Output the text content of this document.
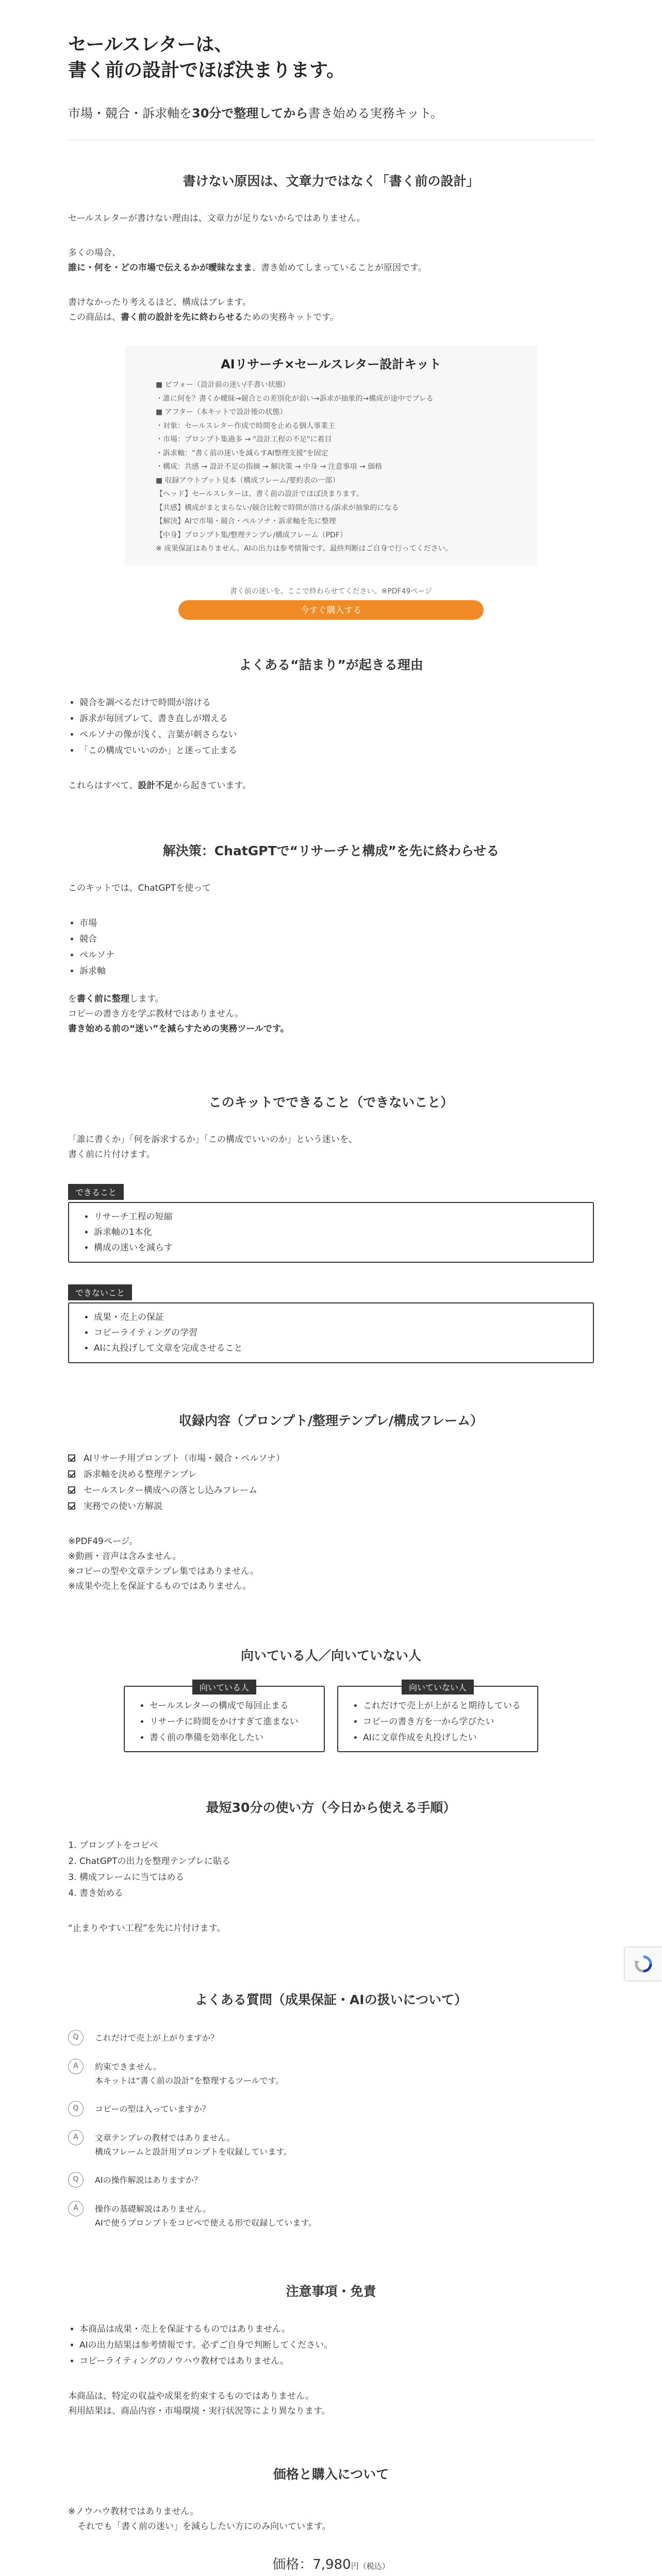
セールスレターは、
書く前の設計でほぼ決まります。

市場・競合・訴求軸を30分で整理してから書き始める実務キット。

書けない原因は、文章力ではなく「書く前の設計」

セールスレターが書けない理由は、文章力が足りないからではありません。

多くの場合、

誰に・何を・どの市場で伝えるかが曖昧なまま、書き始めてしまっていることが原因です。

書けなかったり考えるほど、構成はブレます。

この商品は、書く前の設計を先に終わらせるための実務キットです。

AIリサーチ×セールスレター設計キット
■ ビフォー（設計前の迷い/手書い状態）
・誰に何を？書くか曖昧→競合との差別化が弱い→訴求が抽象的→構成が途中でブレる
■ アフター（本キットで設計後の状態）
・対象：セールスレター作成で時間を止める個人事業主
・市場：プロンプト集過多 → "設計工程の不足"に着目
・訴求軸："書く前の迷いを減らすAI整理支援"を固定
・構成：共感 → 設計不足の指摘 → 解決策 → 中身 → 注意事項 → 価格
■ 収録アウトプット見本（構成フレーム/要約表の一部）
【ヘッド】セールスレターは、書く前の設計でほぼ決まります。
【共感】構成がまとまらない/競合比較で時間が溶ける/訴求が抽象的になる
【解決】AIで市場・競合・ペルソナ・訴求軸を先に整理
【中身】プロンプト集/整理テンプレ/構成フレーム（PDF）
※ 成果保証はありません。AIの出力は参考情報です。最終判断はご自身で行ってください。
書く前の迷いを、ここで終わらせてください。※PDF49ページ
今すぐ購入する
よくある“詰まり”が起きる理由
• 競合を調べるだけで時間が溶ける
• 訴求が毎回ブレて、書き直しが増える
• ペルソナの像が浅く、言葉が刺さらない
• 「この構成でいいのか」と迷って止まる

これらはすべて、設計不足から起きています。

解決策：ChatGPTで“リサーチと構成”を先に終わらせる

このキットでは、ChatGPTを使って

• 市場
• 競合
• ペルソナ
• 訴求軸

を書く前に整理します。

コピーの書き方を学ぶ教材ではありません。

書き始める前の“迷い”を減らすための実務ツールです。

このキットでできること（できないこと）

「誰に書くか」「何を訴求するか」「この構成でいいのか」という迷いを、

書く前に片付けます。

できること
• リサーチ工程の短縮
• 訴求軸の1本化
• 構成の迷いを減らす
できないこと
• 成果・売上の保証
• コピーライティングの学習
• AIに丸投げして文章を完成させること
収録内容（プロンプト/整理テンプレ/構成フレーム）
AIリサーチ用プロンプト（市場・競合・ペルソナ）
訴求軸を決める整理テンプレ
セールスレター構成への落とし込みフレーム
実務での使い方解説

※PDF49ページ。

※動画・音声は含みません。

※コピーの型や文章テンプレ集ではありません。

※成果や売上を保証するものではありません。

向いている人／向いていない人
向いている人
• セールスレターの構成で毎回止まる
• リサーチに時間をかけすぎて進まない
• 書く前の準備を効率化したい
向いていない人
• これだけで売上が上がると期待している
• コピーの書き方を一から学びたい
• AIに文章作成を丸投げしたい
最短30分の使い方（今日から使える手順）
1. プロンプトをコピペ
2. ChatGPTの出力を整理テンプレに貼る
3. 構成フレームに当てはめる
4. 書き始める

“止まりやすい工程”を先に片付けます。

よくある質問（成果保証・AIの扱いについて）
Q	これだけで売上が上がりますか？
A	約束できません。
本キットは“書く前の設計”を整理するツールです。
Q	コピーの型は入っていますか？
A	文章テンプレの教材ではありません。
構成フレームと設計用プロンプトを収録しています。
Q	AIの操作解説はありますか？
A	操作の基礎解説はありません。
AIで使うプロンプトをコピペで使える形で収録しています。
注意事項・免責
• 本商品は成果・売上を保証するものではありません。
• AIの出力結果は参考情報です。必ずご自身で判断してください。
• コピーライティングのノウハウ教材ではありません。

本商品は、特定の収益や成果を約束するものではありません。

利用結果は、商品内容・市場環境・実行状況等により異なります。

価格と購入について

※ノウハウ教材ではありません。

それでも「書く前の迷い」を減らしたい方にのみ向いています。

価格：7,980円（税込）
